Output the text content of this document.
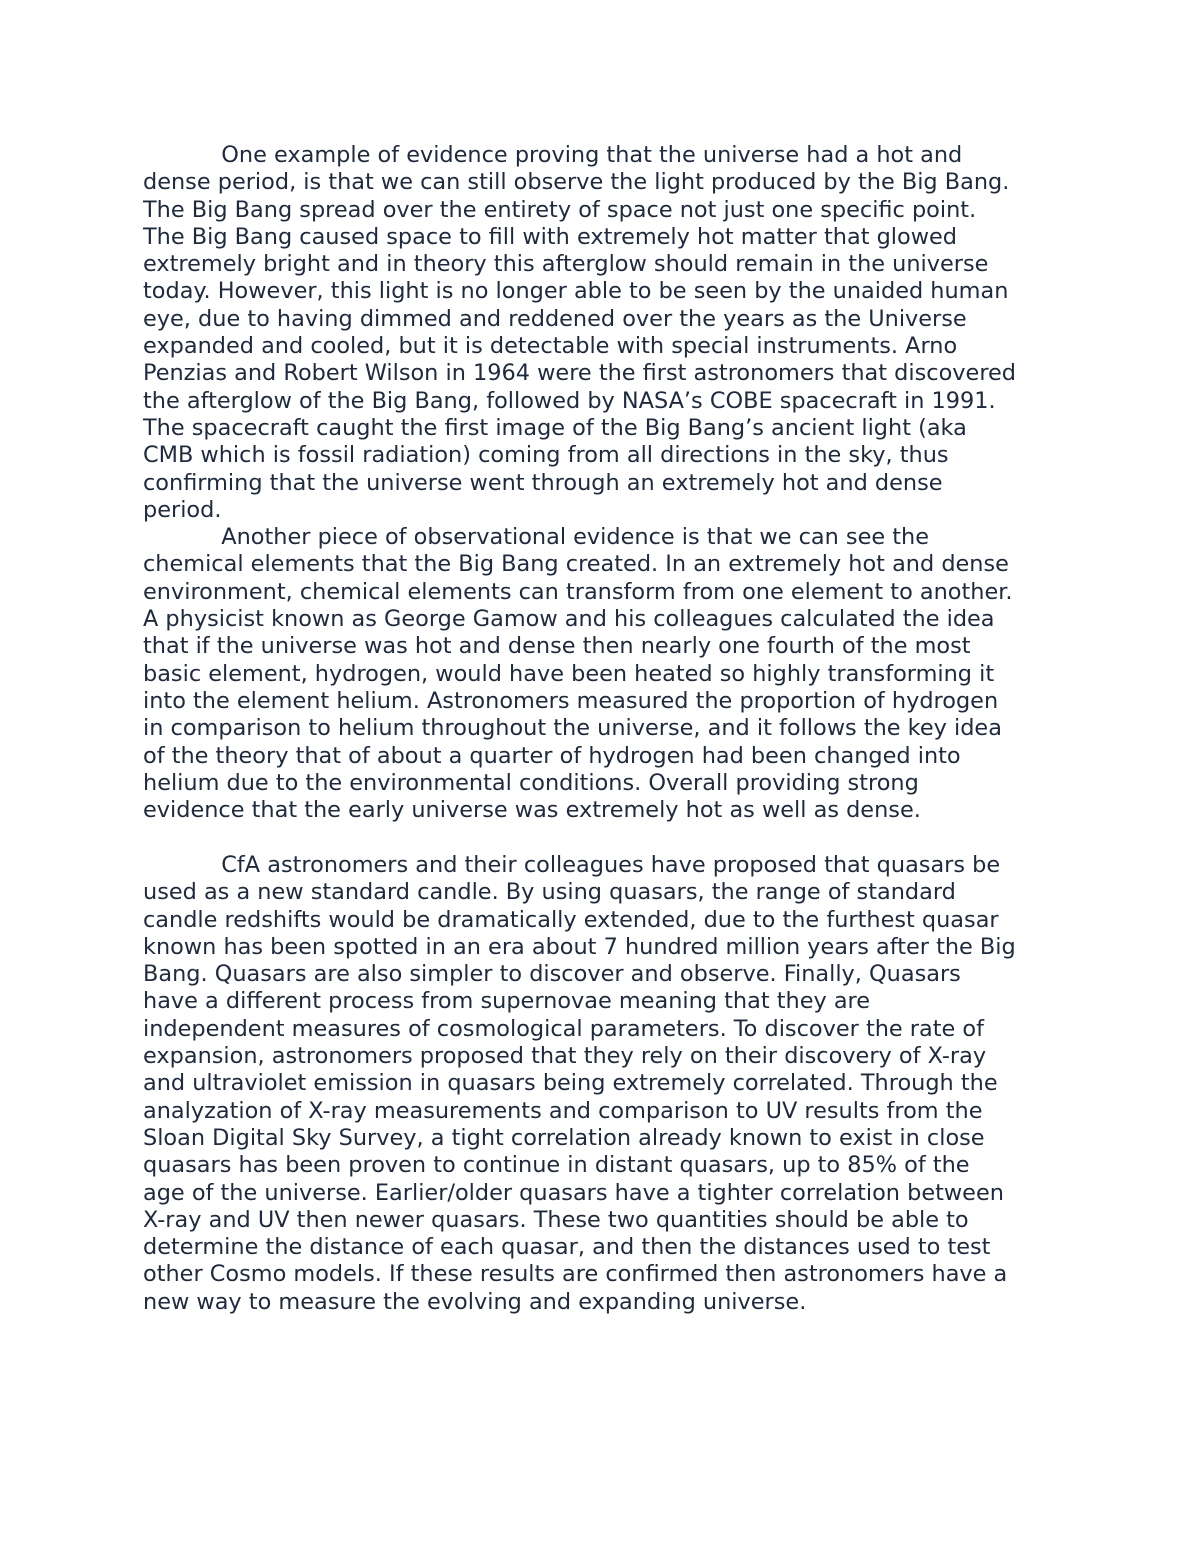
One example of evidence proving that the universe had a hot and
dense period, is that we can still observe the light produced by the Big Bang.
The Big Bang spread over the entirety of space not just one specific point.
The Big Bang caused space to fill with extremely hot matter that glowed
extremely bright and in theory this afterglow should remain in the universe
today. However, this light is no longer able to be seen by the unaided human
eye, due to having dimmed and reddened over the years as the Universe
expanded and cooled, but it is detectable with special instruments. Arno
Penzias and Robert Wilson in 1964 were the first astronomers that discovered
the afterglow of the Big Bang, followed by NASA’s COBE spacecraft in 1991.
The spacecraft caught the first image of the Big Bang’s ancient light (aka
CMB which is fossil radiation) coming from all directions in the sky, thus
confirming that the universe went through an extremely hot and dense
period.
Another piece of observational evidence is that we can see the
chemical elements that the Big Bang created. In an extremely hot and dense
environment, chemical elements can transform from one element to another.
A physicist known as George Gamow and his colleagues calculated the idea
that if the universe was hot and dense then nearly one fourth of the most
basic element, hydrogen, would have been heated so highly transforming it
into the element helium. Astronomers measured the proportion of hydrogen
in comparison to helium throughout the universe, and it follows the key idea
of the theory that of about a quarter of hydrogen had been changed into
helium due to the environmental conditions. Overall providing strong
evidence that the early universe was extremely hot as well as dense.
CfA astronomers and their colleagues have proposed that quasars be
used as a new standard candle. By using quasars, the range of standard
candle redshifts would be dramatically extended, due to the furthest quasar
known has been spotted in an era about 7 hundred million years after the Big
Bang. Quasars are also simpler to discover and observe. Finally, Quasars
have a different process from supernovae meaning that they are
independent measures of cosmological parameters. To discover the rate of
expansion, astronomers proposed that they rely on their discovery of X-ray
and ultraviolet emission in quasars being extremely correlated. Through the
analyzation of X-ray measurements and comparison to UV results from the
Sloan Digital Sky Survey, a tight correlation already known to exist in close
quasars has been proven to continue in distant quasars, up to 85% of the
age of the universe. Earlier/older quasars have a tighter correlation between
X-ray and UV then newer quasars. These two quantities should be able to
determine the distance of each quasar, and then the distances used to test
other Cosmo models. If these results are confirmed then astronomers have a
new way to measure the evolving and expanding universe.
